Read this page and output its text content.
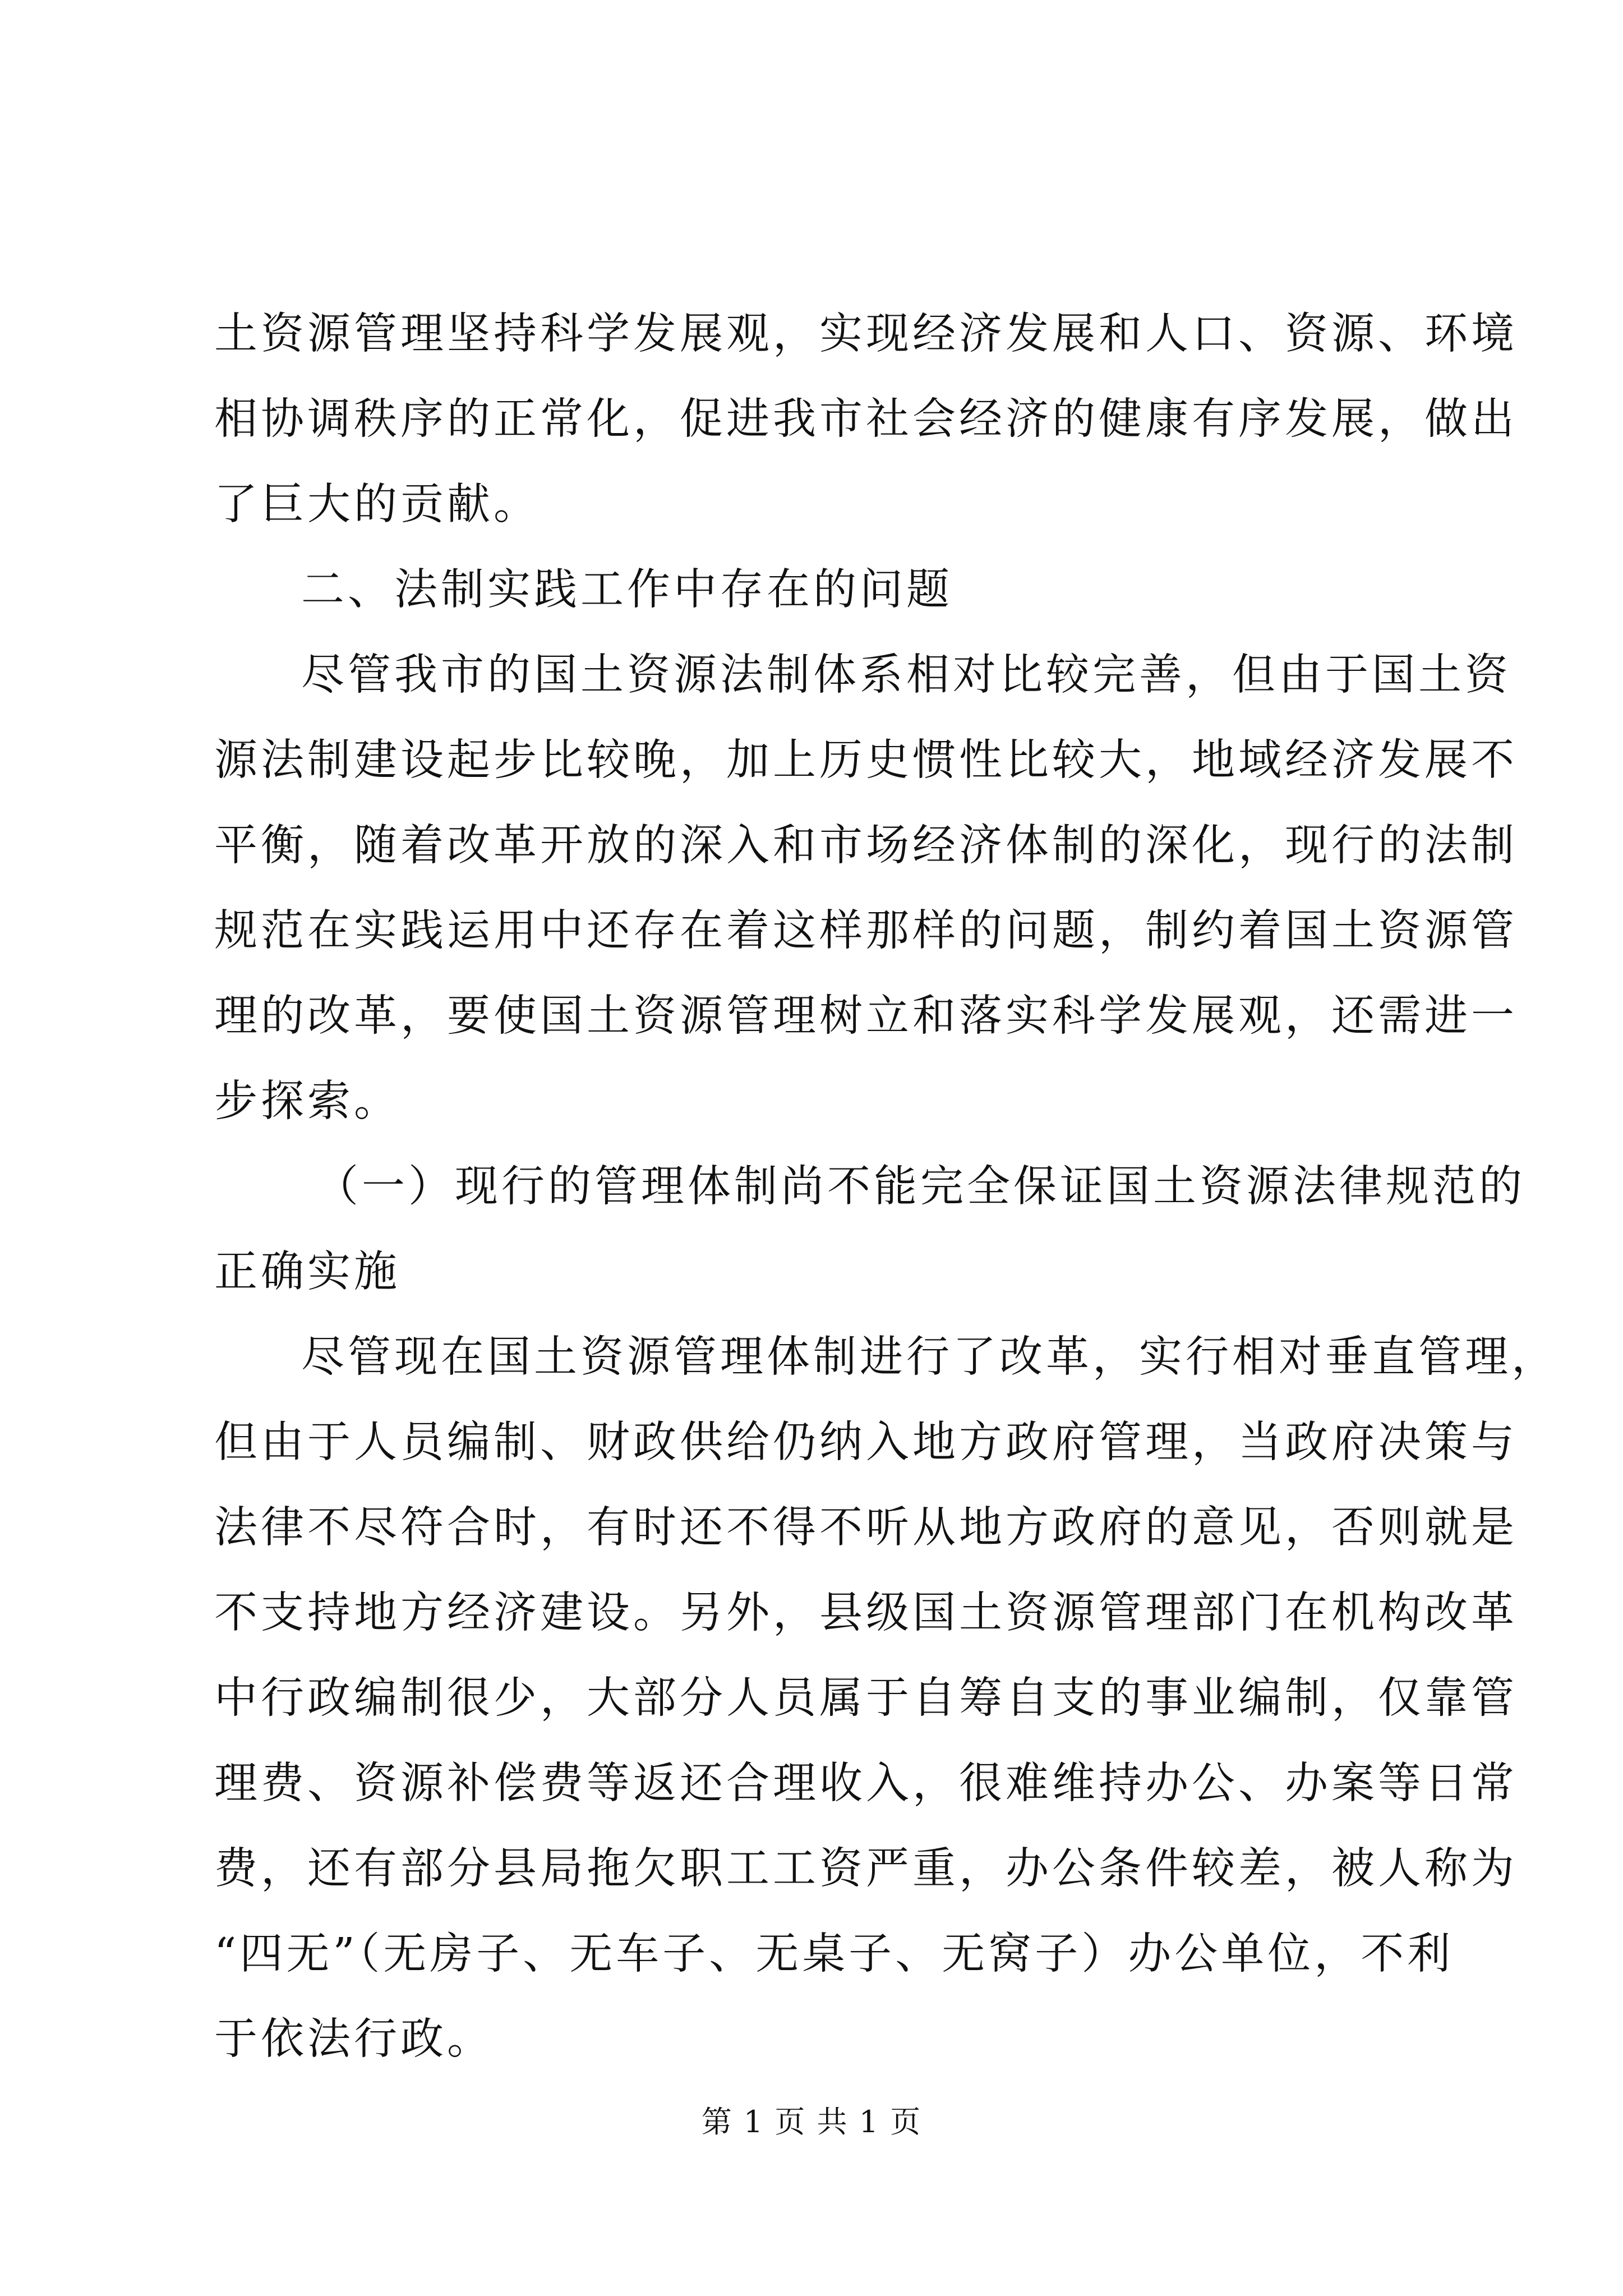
土资源管理坚持科学发展观，实现经济发展和人口、资源、环境
相协调秩序的正常化，促进我市社会经济的健康有序发展，做出
了巨大的贡献。
二、法制实践工作中存在的问题
尽管我市的国土资源法制体系相对比较完善，但由于国土资
源法制建设起步比较晚，加上历史惯性比较大，地域经济发展不
平衡，随着改革开放的深入和市场经济体制的深化，现行的法制
规范在实践运用中还存在着这样那样的问题，制约着国土资源管
理的改革，要使国土资源管理树立和落实科学发展观，还需进一
步探索。
（一）现行的管理体制尚不能完全保证国土资源法律规范的
正确实施
尽管现在国土资源管理体制进行了改革，实行相对垂直管理，
但由于人员编制、财政供给仍纳入地方政府管理，当政府决策与
法律不尽符合时，有时还不得不听从地方政府的意见，否则就是
不支持地方经济建设。另外，县级国土资源管理部门在机构改革
中行政编制很少，大部分人员属于自筹自支的事业编制，仅靠管
理费、资源补偿费等返还合理收入，很难维持办公、办案等日常
费，还有部分县局拖欠职工工资严重，办公条件较差，被人称为
“四无”（无房子、无车子、无桌子、无窝子）办公单位，不利
于依法行政。
第 1 页 共 1 页
